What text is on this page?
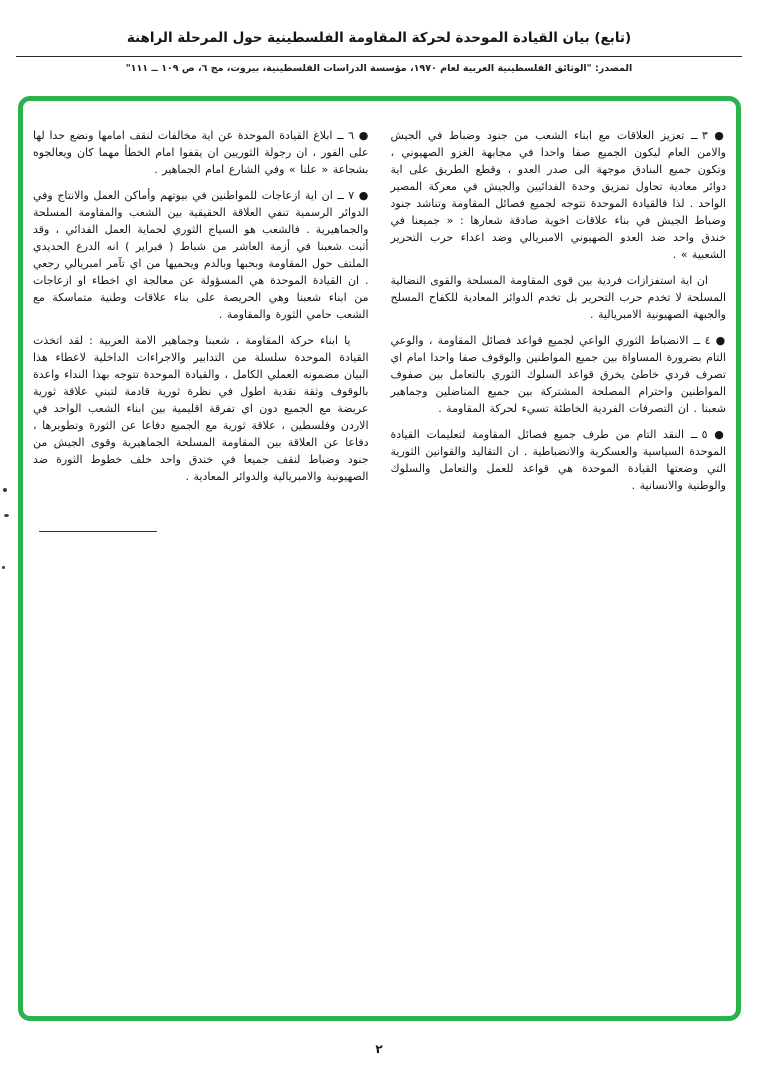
(تابع) بيان القيادة الموحدة لحركة المقاومة الفلسطينية حول المرحلة الراهنة
المصدر: "الوثائق الفلسطينية العربية لعام ١٩٧٠، مؤسسة الدراسات الفلسطينية، بيروت، مج ٦، ص ١٠٩ ــ ١١١"

● ٣ ــ تعزيز العلاقات مع ابناء الشعب من جنود وضباط في الجيش والامن العام ليكون الجميع صفا واحدا في مجابهة الغزو الصهيوني ، وتكون جميع البنادق موجهة الى صدر العدو ، وقطع الطريق على اية دوائر معادية تحاول تمزيق وحدة الفدائيين والجيش في معركة المصير الواحد . لذا فالقيادة الموحدة تتوجه لجميع فصائل المقاومة وتناشد جنود وضباط الجيش في بناء علاقات اخوية صادقة شعارها : « جميعنا في خندق واحد ضد العدو الصهيوني الامبريالي وضد اعداء حرب التحرير الشعبية » .

ان اية استفزازات فردية بين قوى المقاومة المسلحة والقوى النضالية المسلحة لا تخدم حرب التحرير بل تخدم الدوائر المعادية للكفاح المسلح والجبهة الصهيونية الامبريالية .

● ٤ ــ الانضباط الثوري الواعي لجميع قواعد فصائل المقاومة ، والوعي التام بضرورة المساواة بين جميع المواطنين والوقوف صفا واحدا امام اي تصرف فردي خاطئ يخرق قواعد السلوك الثوري بالتعامل بين صفوف المواطنين واحترام المصلحة المشتركة بين جميع المناضلين وجماهير شعبنا . ان التصرفات الفردية الخاطئة تسيء لحركة المقاومة .

● ٥ ــ النقد التام من طرف جميع فصائل المقاومة لتعليمات القيادة الموحدة السياسية والعسكرية والانضباطية . ان التقاليد والقوانين الثورية التي وضعتها القيادة الموحدة هي قواعد للعمل والتعامل والسلوك والوطنية والانسانية .

● ٦ ــ ابلاغ القيادة الموحدة عن اية مخالفات لنقف امامها ونضع حدا لها على الفور ، ان رجولة الثوريين ان يقفوا امام الخطأ مهما كان ويعالجوه بشجاعة « علنا » وفي الشارع امام الجماهير .

● ٧ ــ ان اية ازعاجات للمواطنين في بيوتهم وأماكن العمل والانتاج وفي الدوائر الرسمية تنفي العلاقة الحقيقية بين الشعب والمقاومة المسلحة والجماهيرية . فالشعب هو السياج الثوري لحماية العمل الفدائي ، وقد أثبت شعبنا في أزمة العاشر من شباط ( فبراير ) انه الدرع الحديدي الملتف حول المقاومة وبحبها وبالدم ويحميها من اي تآمر امبريالي رجعي . ان القيادة الموحدة هي المسؤولة عن معالجة اي اخطاء او ازعاجات من ابناء شعبنا وهي الحريصة على بناء علاقات وطنية متماسكة مع الشعب حامي الثورة والمقاومة .

يا ابناء حركة المقاومة ، شعبنا وجماهير الامة العربية : لقد اتخذت القيادة الموحدة سلسلة من التدابير والاجراءات الداخلية لاعطاء هذا البيان مضمونه العملي الكامل ، والقيادة الموحدة تتوجه بهذا النداء واعدة بالوقوف وثقة نقدية اطول في نظرة ثورية قادمة لتبني علاقة ثورية عريضة مع الجميع دون اي تفرقة اقليمية بين ابناء الشعب الواحد في الاردن وفلسطين ، علاقة ثورية مع الجميع دفاعا عن الثورة وتطويرها ، دفاعا عن العلاقة بين المقاومة المسلحة الجماهيرية وقوى الجيش من جنود وضباط لنقف جميعا في خندق واحد خلف خطوط الثورة ضد الصهيونية والامبريالية والدوائر المعادية .

٢
